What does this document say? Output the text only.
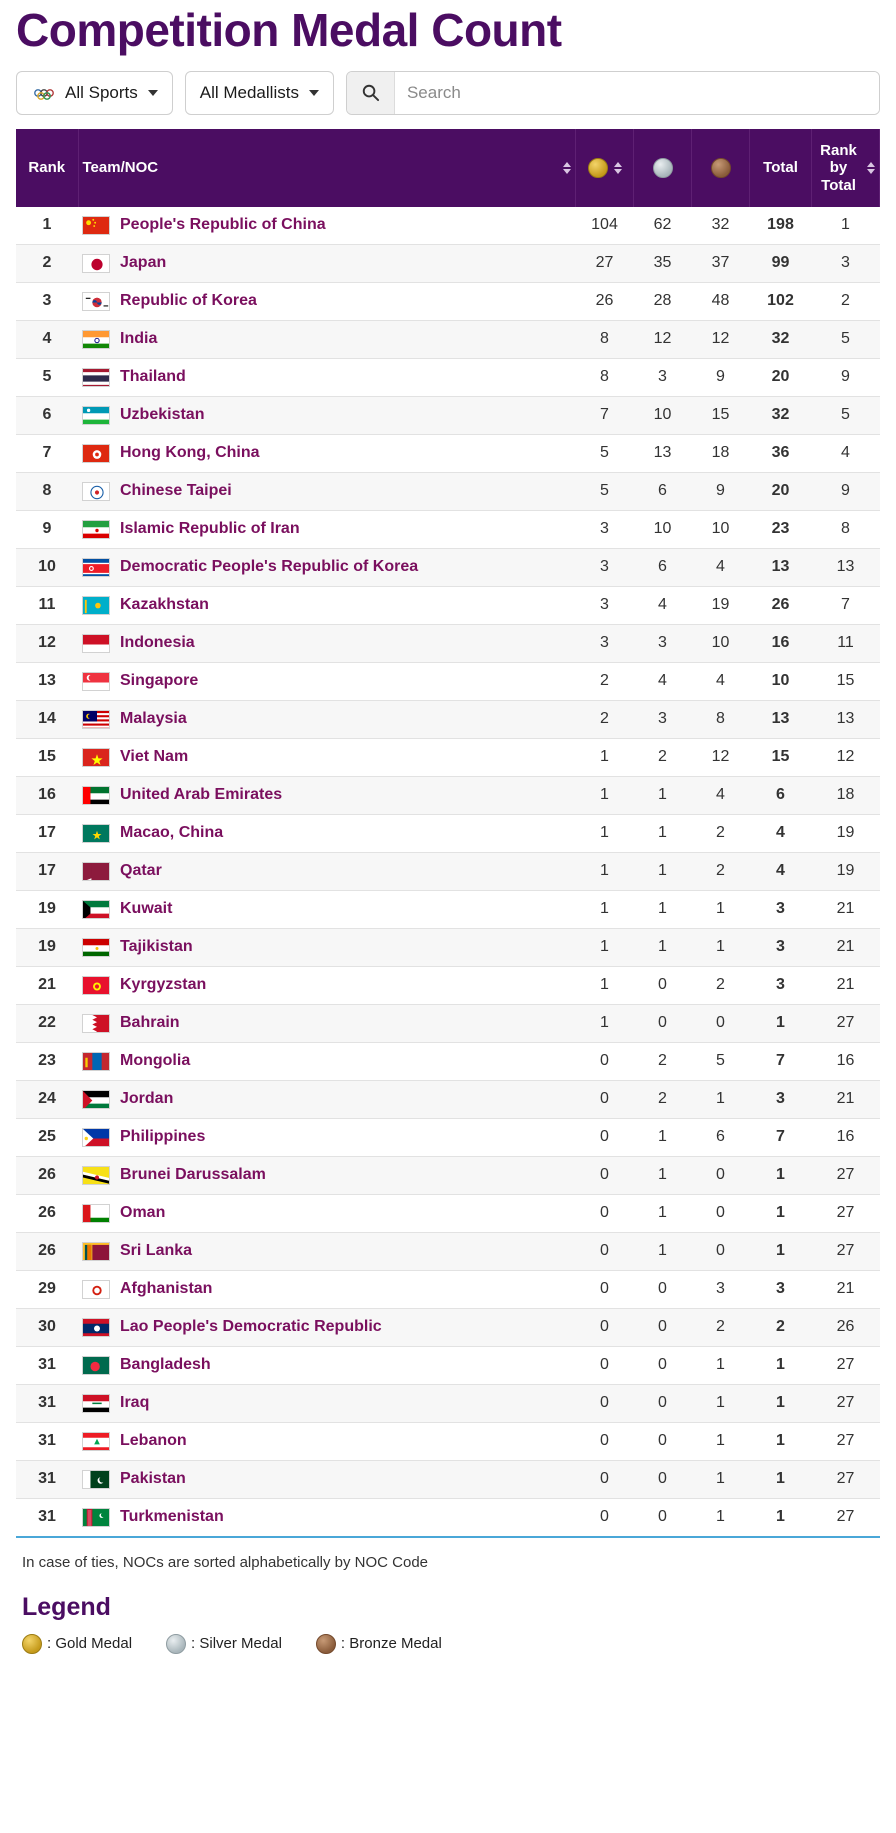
Competition Medal Count
All Sports	All Medallists
Search
Rank	Team/NOC				Total	Rank by Total

1	People's Republic of China	104	62	32	198	1
2	Japan	27	35	37	99	3
3	Republic of Korea	26	28	48	102	2
4	India	8	12	12	32	5
5	Thailand	8	3	9	20	9
6	Uzbekistan	7	10	15	32	5
7	Hong Kong, China	5	13	18	36	4
8	Chinese Taipei	5	6	9	20	9
9	Islamic Republic of Iran	3	10	10	23	8
10	Democratic People's Republic of Korea	3	6	4	13	13
11	Kazakhstan	3	4	19	26	7
12	Indonesia	3	3	10	16	11
13	Singapore	2	4	4	10	15
14	Malaysia	2	3	8	13	13
15	Viet Nam	1	2	12	15	12
16	United Arab Emirates	1	1	4	6	18
17	Macao, China	1	1	2	4	19
17	Qatar	1	1	2	4	19
19	Kuwait	1	1	1	3	21
19	Tajikistan	1	1	1	3	21
21	Kyrgyzstan	1	0	2	3	21
22	Bahrain	1	0	0	1	27
23	Mongolia	0	2	5	7	16
24	Jordan	0	2	1	3	21
25	Philippines	0	1	6	7	16
26	Brunei Darussalam	0	1	0	1	27
26	Oman	0	1	0	1	27
26	Sri Lanka	0	1	0	1	27
29	Afghanistan	0	0	3	3	21
30	Lao People's Democratic Republic	0	0	2	2	26
31	Bangladesh	0	0	1	1	27
31	Iraq	0	0	1	1	27
31	Lebanon	0	0	1	1	27
31	Pakistan	0	0	1	1	27
31	Turkmenistan	0	0	1	1	27
In case of ties, NOCs are sorted alphabetically by NOC Code
Legend
: Gold Medal	: Silver Medal	: Bronze Medal
